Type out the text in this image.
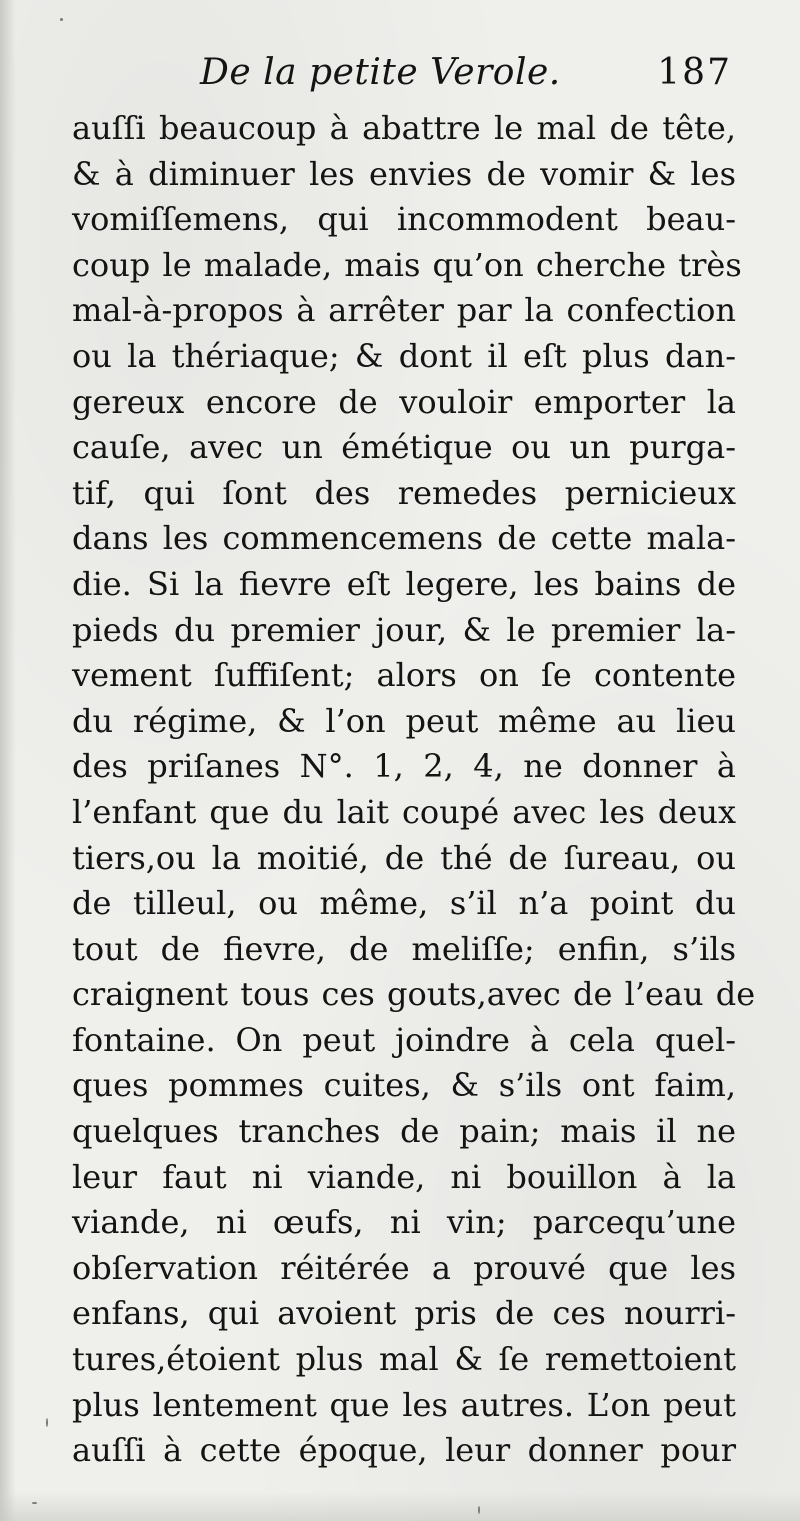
De la petite Verole.	187
auſſi beaucoup à abattre le mal de tête,
& à diminuer les envies de vomir & les
vomiſſemens, qui incommodent beau-
coup le malade, mais qu’on cherche très
mal-à-propos à arrêter par la confection
ou la thériaque; & dont il eſt plus dan-
gereux encore de vouloir emporter la
cauſe, avec un émétique ou un purga-
tif, qui ſont des remedes pernicieux
dans les commencemens de cette mala-
die. Si la fievre eſt legere, les bains de
pieds du premier jour, & le premier la-
vement ſuffiſent; alors on ſe contente
du régime, & l’on peut même au lieu
des priſanes N°. 1, 2, 4, ne donner à
l’enfant que du lait coupé avec les deux
tiers,ou la moitié, de thé de ſureau, ou
de tilleul, ou même, s’il n’a point du
tout de fievre, de meliſſe; enfin, s’ils
craignent tous ces gouts,avec de l’eau de
fontaine. On peut joindre à cela quel-
ques pommes cuites, & s’ils ont faim,
quelques tranches de pain; mais il ne
leur faut ni viande, ni bouillon à la
viande, ni œufs, ni vin; parcequ’une
obſervation réitérée a prouvé que les
enfans, qui avoient pris de ces nourri-
tures,étoient plus mal & ſe remettoient
plus lentement que les autres. L’on peut
auſſi à cette époque, leur donner pour
